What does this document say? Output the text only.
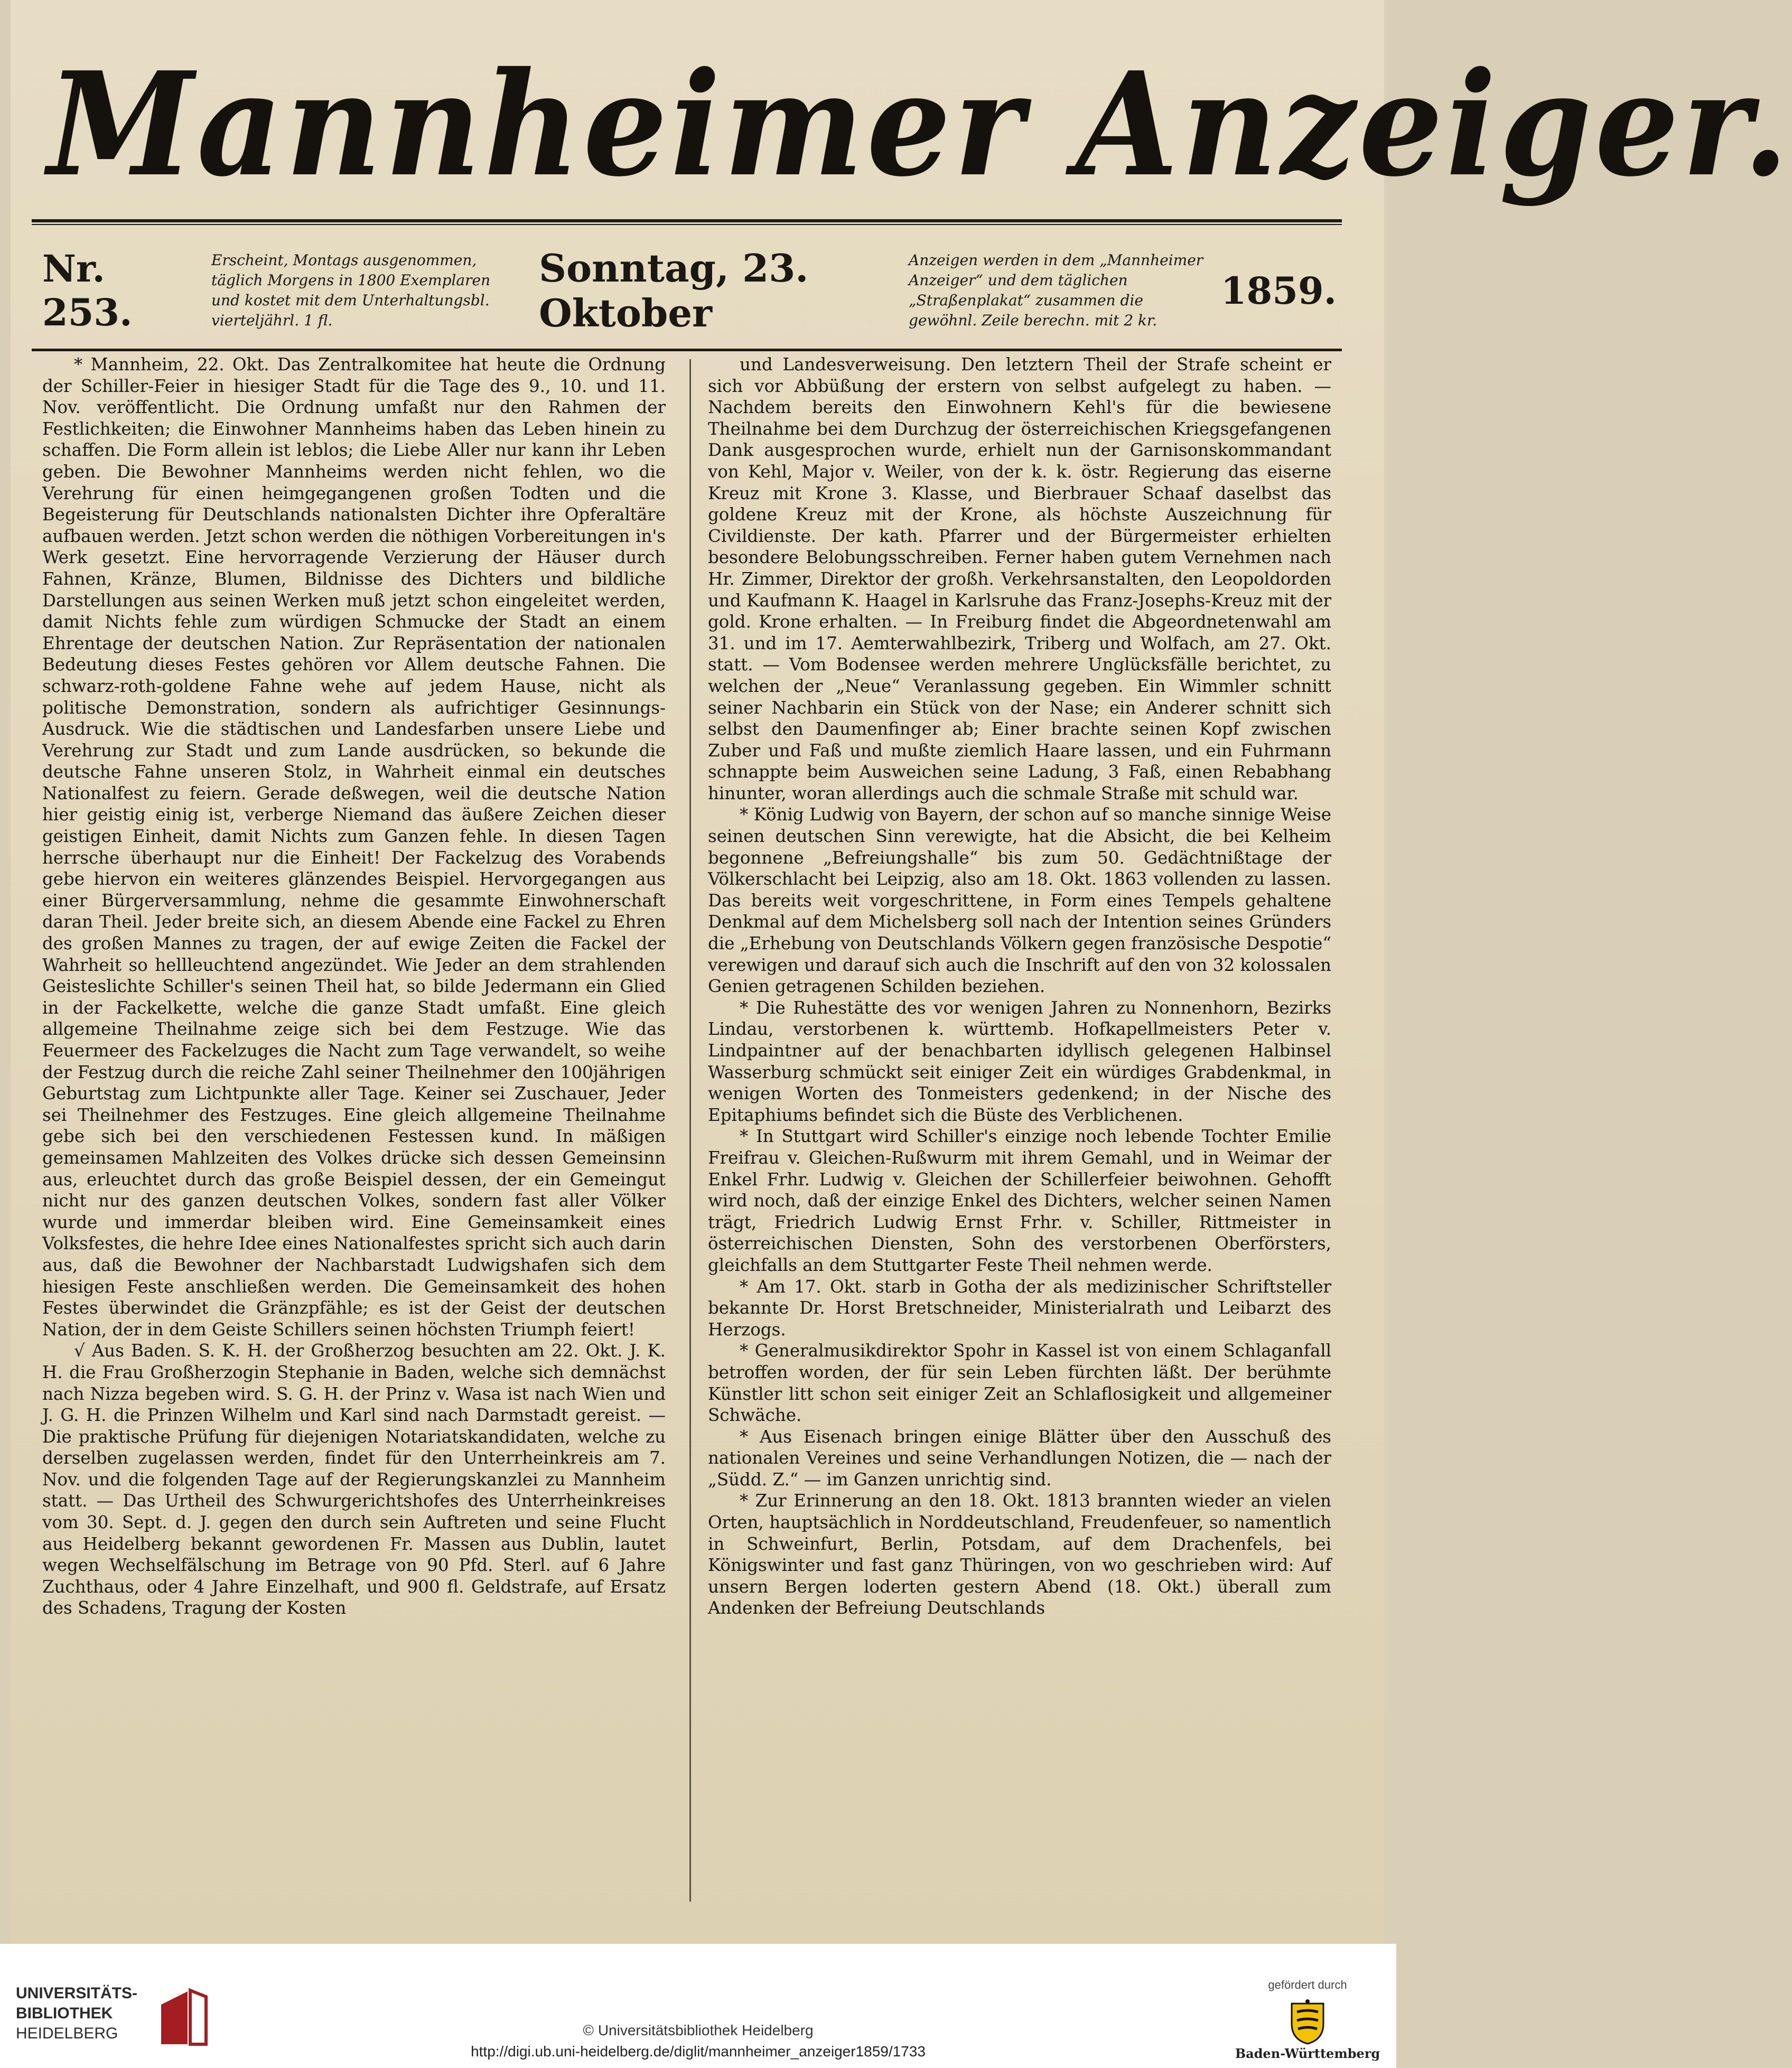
Mannheimer Anzeiger.
Nr. 253.
Erscheint, Montags ausgenommen, täglich Morgens in 1800 Exemplaren und kostet mit dem Unterhaltungsbl. vierteljährl. 1 fl.
Sonntag, 23. Oktober
Anzeigen werden in dem „Mannheimer Anzeiger“ und dem täglichen „Straßenplakat“ zusammen die gewöhnl. Zeile berechn. mit 2 kr.
1859.

* Mannheim, 22. Okt. Das Zentralkomitee hat heute die Ordnung der Schiller-Feier in hiesiger Stadt für die Tage des 9., 10. und 11. Nov. veröffentlicht. Die Ordnung umfaßt nur den Rahmen der Festlichkeiten; die Einwohner Mannheims haben das Leben hinein zu schaffen. Die Form allein ist leblos; die Liebe Aller nur kann ihr Leben geben. Die Bewohner Mannheims werden nicht fehlen, wo die Verehrung für einen heimgegangenen großen Todten und die Begeisterung für Deutschlands nationalsten Dichter ihre Opferaltäre aufbauen werden. Jetzt schon werden die nöthigen Vorbereitungen in's Werk gesetzt. Eine hervorragende Verzierung der Häuser durch Fahnen, Kränze, Blumen, Bildnisse des Dichters und bildliche Darstellungen aus seinen Werken muß jetzt schon eingeleitet werden, damit Nichts fehle zum würdigen Schmucke der Stadt an einem Ehrentage der deutschen Nation. Zur Repräsentation der nationalen Bedeutung dieses Festes gehören vor Allem deutsche Fahnen. Die schwarz-roth-goldene Fahne wehe auf jedem Hause, nicht als politische Demonstration, sondern als aufrichtiger Gesinnungs-Ausdruck. Wie die städtischen und Landesfarben unsere Liebe und Verehrung zur Stadt und zum Lande ausdrücken, so bekunde die deutsche Fahne unseren Stolz, in Wahrheit einmal ein deutsches Nationalfest zu feiern. Gerade deßwegen, weil die deutsche Nation hier geistig einig ist, verberge Niemand das äußere Zeichen dieser geistigen Einheit, damit Nichts zum Ganzen fehle. In diesen Tagen herrsche überhaupt nur die Einheit! Der Fackelzug des Vorabends gebe hiervon ein weiteres glänzendes Beispiel. Hervorgegangen aus einer Bürgerversammlung, nehme die gesammte Einwohnerschaft daran Theil. Jeder breite sich, an diesem Abende eine Fackel zu Ehren des großen Mannes zu tragen, der auf ewige Zeiten die Fackel der Wahrheit so hellleuchtend angezündet. Wie Jeder an dem strahlenden Geisteslichte Schiller's seinen Theil hat, so bilde Jedermann ein Glied in der Fackelkette, welche die ganze Stadt umfaßt. Eine gleich allgemeine Theilnahme zeige sich bei dem Festzuge. Wie das Feuermeer des Fackelzuges die Nacht zum Tage verwandelt, so weihe der Festzug durch die reiche Zahl seiner Theilnehmer den 100jährigen Geburtstag zum Lichtpunkte aller Tage. Keiner sei Zuschauer, Jeder sei Theilnehmer des Festzuges. Eine gleich allgemeine Theilnahme gebe sich bei den verschiedenen Festessen kund. In mäßigen gemeinsamen Mahlzeiten des Volkes drücke sich dessen Gemeinsinn aus, erleuchtet durch das große Beispiel dessen, der ein Gemeingut nicht nur des ganzen deutschen Volkes, sondern fast aller Völker wurde und immerdar bleiben wird. Eine Gemeinsamkeit eines Volksfestes, die hehre Idee eines Nationalfestes spricht sich auch darin aus, daß die Bewohner der Nachbarstadt Ludwigshafen sich dem hiesigen Feste anschließen werden. Die Gemeinsamkeit des hohen Festes überwindet die Gränzpfähle; es ist der Geist der deutschen Nation, der in dem Geiste Schillers seinen höchsten Triumph feiert!

√ Aus Baden. S. K. H. der Großherzog besuchten am 22. Okt. J. K. H. die Frau Großherzogin Stephanie in Baden, welche sich demnächst nach Nizza begeben wird. S. G. H. der Prinz v. Wasa ist nach Wien und J. G. H. die Prinzen Wilhelm und Karl sind nach Darmstadt gereist. — Die praktische Prüfung für diejenigen Notariatskandidaten, welche zu derselben zugelassen werden, findet für den Unterrheinkreis am 7. Nov. und die folgenden Tage auf der Regierungskanzlei zu Mannheim statt. — Das Urtheil des Schwurgerichtshofes des Unterrheinkreises vom 30. Sept. d. J. gegen den durch sein Auftreten und seine Flucht aus Heidelberg bekannt gewordenen Fr. Massen aus Dublin, lautet wegen Wechselfälschung im Betrage von 90 Pfd. Sterl. auf 6 Jahre Zuchthaus, oder 4 Jahre Einzelhaft, und 900 fl. Geldstrafe, auf Ersatz des Schadens, Tragung der Kosten

und Landesverweisung. Den letztern Theil der Strafe scheint er sich vor Abbüßung der erstern von selbst aufgelegt zu haben. — Nachdem bereits den Einwohnern Kehl's für die bewiesene Theilnahme bei dem Durchzug der österreichischen Kriegsgefangenen Dank ausgesprochen wurde, erhielt nun der Garnisonskommandant von Kehl, Major v. Weiler, von der k. k. östr. Regierung das eiserne Kreuz mit Krone 3. Klasse, und Bierbrauer Schaaf daselbst das goldene Kreuz mit der Krone, als höchste Auszeichnung für Civildienste. Der kath. Pfarrer und der Bürgermeister erhielten besondere Belobungsschreiben. Ferner haben gutem Vernehmen nach Hr. Zimmer, Direktor der großh. Verkehrsanstalten, den Leopoldorden und Kaufmann K. Haagel in Karlsruhe das Franz-Josephs-Kreuz mit der gold. Krone erhalten. — In Freiburg findet die Abgeordnetenwahl am 31. und im 17. Aemterwahlbezirk, Triberg und Wolfach, am 27. Okt. statt. — Vom Bodensee werden mehrere Unglücksfälle berichtet, zu welchen der „Neue“ Veranlassung gegeben. Ein Wimmler schnitt seiner Nachbarin ein Stück von der Nase; ein Anderer schnitt sich selbst den Daumenfinger ab; Einer brachte seinen Kopf zwischen Zuber und Faß und mußte ziemlich Haare lassen, und ein Fuhrmann schnappte beim Ausweichen seine Ladung, 3 Faß, einen Rebabhang hinunter, woran allerdings auch die schmale Straße mit schuld war.

* König Ludwig von Bayern, der schon auf so manche sinnige Weise seinen deutschen Sinn verewigte, hat die Absicht, die bei Kelheim begonnene „Befreiungshalle“ bis zum 50. Gedächtnißtage der Völkerschlacht bei Leipzig, also am 18. Okt. 1863 vollenden zu lassen. Das bereits weit vorgeschrittene, in Form eines Tempels gehaltene Denkmal auf dem Michelsberg soll nach der Intention seines Gründers die „Erhebung von Deutschlands Völkern gegen französische Despotie“ verewigen und darauf sich auch die Inschrift auf den von 32 kolossalen Genien getragenen Schilden beziehen.

* Die Ruhestätte des vor wenigen Jahren zu Nonnenhorn, Bezirks Lindau, verstorbenen k. württemb. Hofkapellmeisters Peter v. Lindpaintner auf der benachbarten idyllisch gelegenen Halbinsel Wasserburg schmückt seit einiger Zeit ein würdiges Grabdenkmal, in wenigen Worten des Tonmeisters gedenkend; in der Nische des Epitaphiums befindet sich die Büste des Verblichenen.

* In Stuttgart wird Schiller's einzige noch lebende Tochter Emilie Freifrau v. Gleichen-Rußwurm mit ihrem Gemahl, und in Weimar der Enkel Frhr. Ludwig v. Gleichen der Schillerfeier beiwohnen. Gehofft wird noch, daß der einzige Enkel des Dichters, welcher seinen Namen trägt, Friedrich Ludwig Ernst Frhr. v. Schiller, Rittmeister in österreichischen Diensten, Sohn des verstorbenen Oberförsters, gleichfalls an dem Stuttgarter Feste Theil nehmen werde.

* Am 17. Okt. starb in Gotha der als medizinischer Schriftsteller bekannte Dr. Horst Bretschneider, Ministerialrath und Leibarzt des Herzogs.

* Generalmusikdirektor Spohr in Kassel ist von einem Schlaganfall betroffen worden, der für sein Leben fürchten läßt. Der berühmte Künstler litt schon seit einiger Zeit an Schlaflosigkeit und allgemeiner Schwäche.

* Aus Eisenach bringen einige Blätter über den Ausschuß des nationalen Vereines und seine Verhandlungen Notizen, die — nach der „Südd. Z.“ — im Ganzen unrichtig sind.

* Zur Erinnerung an den 18. Okt. 1813 brannten wieder an vielen Orten, hauptsächlich in Norddeutschland, Freudenfeuer, so namentlich in Schweinfurt, Berlin, Potsdam, auf dem Drachenfels, bei Königswinter und fast ganz Thüringen, von wo geschrieben wird: Auf unsern Bergen loderten gestern Abend (18. Okt.) überall zum Andenken der Befreiung Deutschlands

UNIVERSITÄTS-
BIBLIOTHEK
HEIDELBERG	© Universitätsbibliothek Heidelberg
http://digi.ub.uni-heidelberg.de/diglit/mannheimer_anzeiger1859/1733
gefördert durch
Baden-Württemberg
